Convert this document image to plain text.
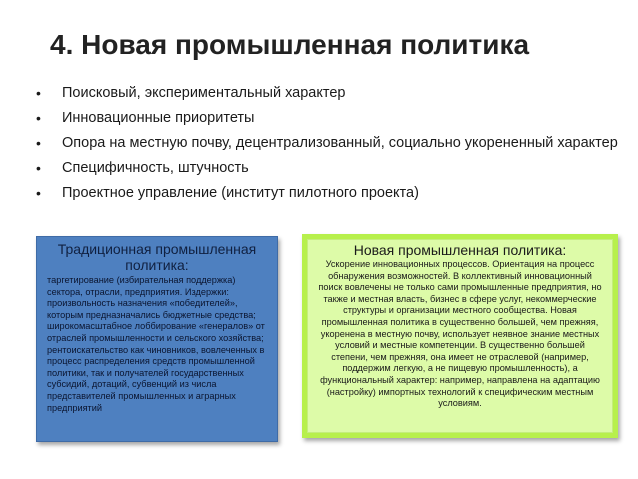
4. Новая промышленная политика
• Поисковый, экспериментальный характер
• Инновационные приоритеты
• Опора на местную почву, децентрализованный, социально укорененный характер
• Специфичность, штучность
• Проектное управление (институт пилотного проекта)
Традиционная промышленная политика:
таргетирование (избирательная поддержка) сектора, отрасли, предприятия. Издержки: произвольность назначения «победителей», которым предназначались бюджетные средства; широкомасштабное лоббирование «генералов» от отраслей промышленности и сельского хозяйства; рентоискательство как чиновников, вовлеченных в процесс распределения средств промышленной политики, так и получателей государственных субсидий, дотаций, субвенций из числа представителей промышленных и аграрных предприятий
Новая промышленная политика:
Ускорение инновационных процессов. Ориентация на процесс обнаружения возможностей. В коллективный инновационный поиск вовлечены не только сами промышленные предприятия, но также и местная власть, бизнес в сфере услуг, некоммерческие структуры и организации местного сообщества. Новая промышленная политика в существенно большей, чем прежняя, укоренена в местную почву, использует неявное знание местных условий и местные компетенции. В существенно большей степени, чем прежняя, она имеет не отраслевой (например, поддержим легкую, а не пищевую промышленность), а функциональный характер: например, направлена на адаптацию (настройку) импортных технологий к специфическим местным условиям.
